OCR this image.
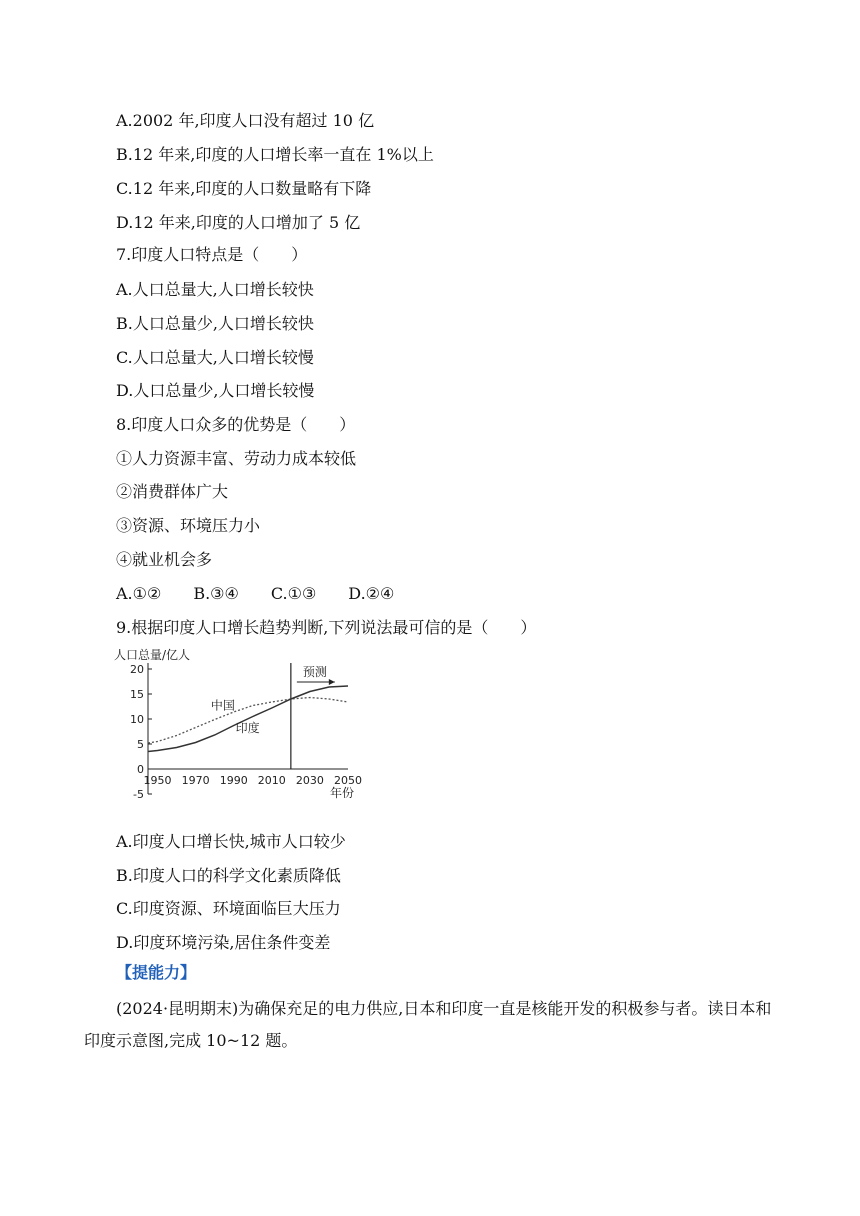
A.2002 年,印度人口没有超过 10 亿
B.12 年来,印度的人口增长率一直在 1%以上
C.12 年来,印度的人口数量略有下降
D.12 年来,印度的人口增加了 5 亿
7.印度人口特点是（　　）
A.人口总量大,人口增长较快
B.人口总量少,人口增长较快
C.人口总量大,人口增长较慢
D.人口总量少,人口增长较慢
8.印度人口众多的优势是（　　）
①人力资源丰富、劳动力成本较低
②消费群体广大
③资源、环境压力小
④就业机会多
A.①②　　B.③④　　C.①③　　D.②④
9.根据印度人口增长趋势判断,下列说法最可信的是（　　）
人口总量/亿人
20
15
10
5
0
-5
1950 1970 1990 2010 2030 2050
年份
预测
中国
印度
A.印度人口增长快,城市人口较少
B.印度人口的科学文化素质降低
C.印度资源、环境面临巨大压力
D.印度环境污染,居住条件变差
【提能力】
(2024·昆明期末)为确保充足的电力供应,日本和印度一直是核能开发的积极参与者。读日本和印度示意图,完成 10~12 题。
